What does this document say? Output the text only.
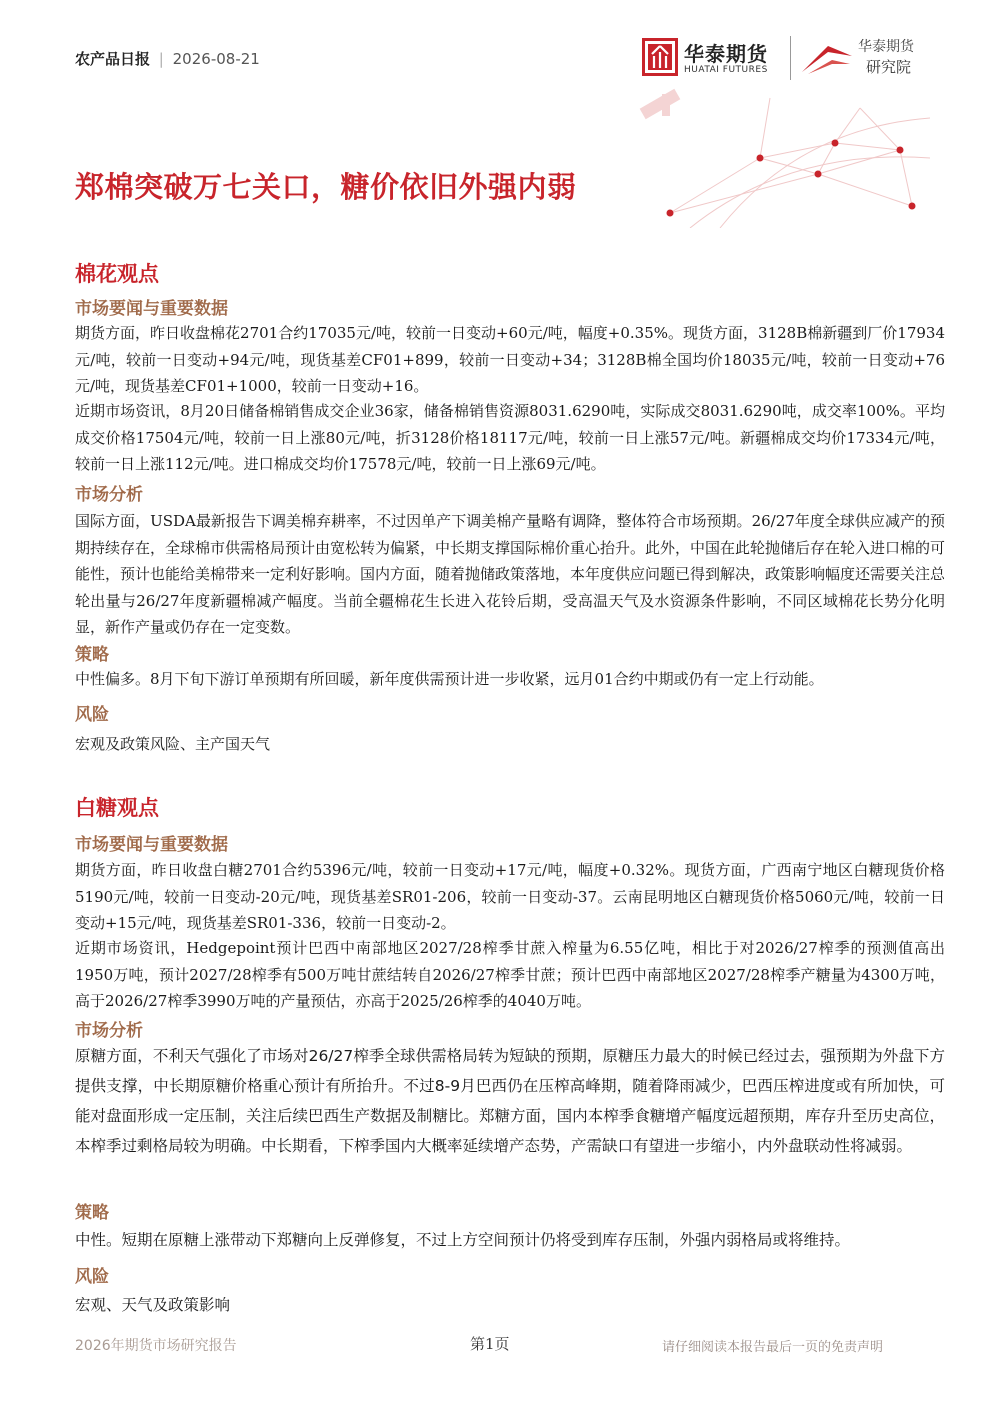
农产品日报 | 2026-08-21	华泰期货
HUATAI FUTURES
华泰期货
研究院
郑棉突破万七关口，糖价依旧外强内弱
棉花观点
市场要闻与重要数据
期货方面，昨日收盘棉花2701合约17035元/吨，较前一日变动+60元/吨，幅度+0.35%。现货方面，3128B棉新疆到厂价17934元/吨，较前一日变动+94元/吨，现货基差CF01+899，较前一日变动+34；3128B棉全国均价18035元/吨，较前一日变动+76元/吨，现货基差CF01+1000，较前一日变动+16。
近期市场资讯，8月20日储备棉销售成交企业36家，储备棉销售资源8031.6290吨，实际成交8031.6290吨，成交率100%。平均成交价格17504元/吨，较前一日上涨80元/吨，折3128价格18117元/吨，较前一日上涨57元/吨。新疆棉成交均价17334元/吨，较前一日上涨112元/吨。进口棉成交均价17578元/吨，较前一日上涨69元/吨。
市场分析
国际方面，USDA最新报告下调美棉弃耕率，不过因单产下调美棉产量略有调降，整体符合市场预期。26/27年度全球供应减产的预期持续存在，全球棉市供需格局预计由宽松转为偏紧，中长期支撑国际棉价重心抬升。此外，中国在此轮抛储后存在轮入进口棉的可能性，预计也能给美棉带来一定利好影响。国内方面，随着抛储政策落地，本年度供应问题已得到解决，政策影响幅度还需要关注总轮出量与26/27年度新疆棉减产幅度。当前全疆棉花生长进入花铃后期，受高温天气及水资源条件影响，不同区域棉花长势分化明显，新作产量或仍存在一定变数。
策略
中性偏多。8月下旬下游订单预期有所回暖，新年度供需预计进一步收紧，远月01合约中期或仍有一定上行动能。
风险
宏观及政策风险、主产国天气
白糖观点
市场要闻与重要数据
期货方面，昨日收盘白糖2701合约5396元/吨，较前一日变动+17元/吨，幅度+0.32%。现货方面，广西南宁地区白糖现货价格5190元/吨，较前一日变动-20元/吨，现货基差SR01-206，较前一日变动-37。云南昆明地区白糖现货价格5060元/吨，较前一日变动+15元/吨，现货基差SR01-336，较前一日变动-2。
近期市场资讯，Hedgepoint预计巴西中南部地区2027/28榨季甘蔗入榨量为6.55亿吨，相比于对2026/27榨季的预测值高出1950万吨，预计2027/28榨季有500万吨甘蔗结转自2026/27榨季甘蔗；预计巴西中南部地区2027/28榨季产糖量为4300万吨，高于2026/27榨季3990万吨的产量预估，亦高于2025/26榨季的4040万吨。
市场分析
原糖方面，不利天气强化了市场对26/27榨季全球供需格局转为短缺的预期，原糖压力最大的时候已经过去，强预期为外盘下方提供支撑，中长期原糖价格重心预计有所抬升。不过8-9月巴西仍在压榨高峰期，随着降雨减少，巴西压榨进度或有所加快，可能对盘面形成一定压制，关注后续巴西生产数据及制糖比。郑糖方面，国内本榨季食糖增产幅度远超预期，库存升至历史高位，本榨季过剩格局较为明确。中长期看，下榨季国内大概率延续增产态势，产需缺口有望进一步缩小，内外盘联动性将减弱。
策略
中性。短期在原糖上涨带动下郑糖向上反弹修复，不过上方空间预计仍将受到库存压制，外强内弱格局或将维持。
风险
宏观、天气及政策影响
2026年期货市场研究报告	第1页	请仔细阅读本报告最后一页的免责声明
